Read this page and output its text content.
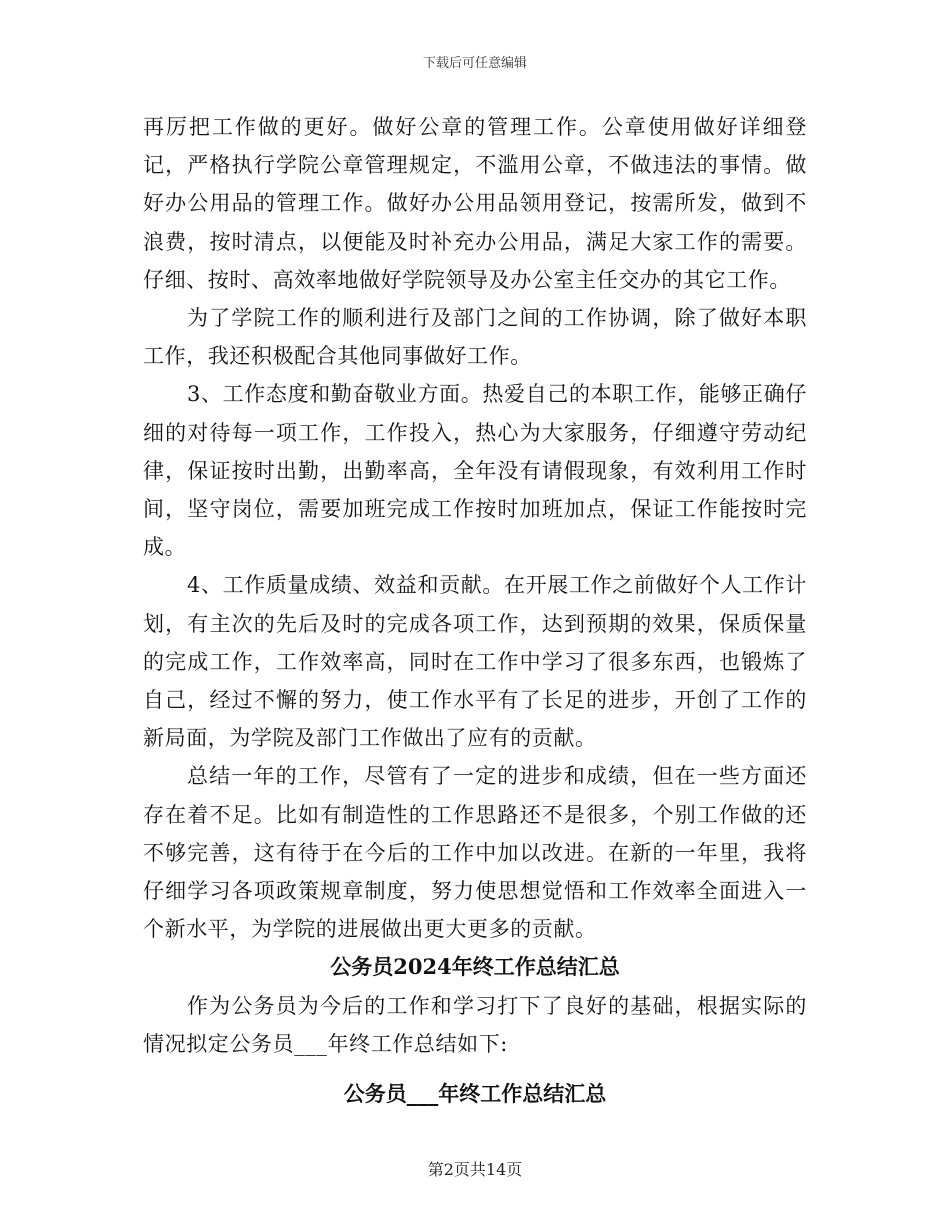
下载后可任意编辑

再厉把工作做的更好。做好公章的管理工作。公章使用做好详细登记，严格执行学院公章管理规定，不滥用公章，不做违法的事情。做好办公用品的管理工作。做好办公用品领用登记，按需所发，做到不浪费，按时清点，以便能及时补充办公用品，满足大家工作的需要。仔细、按时、高效率地做好学院领导及办公室主任交办的其它工作。

为了学院工作的顺利进行及部门之间的工作协调，除了做好本职工作，我还积极配合其他同事做好工作。

3、工作态度和勤奋敬业方面。热爱自己的本职工作，能够正确仔细的对待每一项工作，工作投入，热心为大家服务，仔细遵守劳动纪律，保证按时出勤，出勤率高，全年没有请假现象，有效利用工作时间，坚守岗位，需要加班完成工作按时加班加点，保证工作能按时完成。

4、工作质量成绩、效益和贡献。在开展工作之前做好个人工作计划，有主次的先后及时的完成各项工作，达到预期的效果，保质保量的完成工作，工作效率高，同时在工作中学习了很多东西，也锻炼了自己，经过不懈的努力，使工作水平有了长足的进步，开创了工作的新局面，为学院及部门工作做出了应有的贡献。

总结一年的工作，尽管有了一定的进步和成绩，但在一些方面还存在着不足。比如有制造性的工作思路还不是很多，个别工作做的还不够完善，这有待于在今后的工作中加以改进。在新的一年里，我将仔细学习各项政策规章制度，努力使思想觉悟和工作效率全面进入一个新水平，为学院的进展做出更大更多的贡献。

公务员2024年终工作总结汇总

作为公务员为今后的工作和学习打下了良好的基础，根据实际的情况拟定公务员___年终工作总结如下:

公务员___年终工作总结汇总

第2页共14页
